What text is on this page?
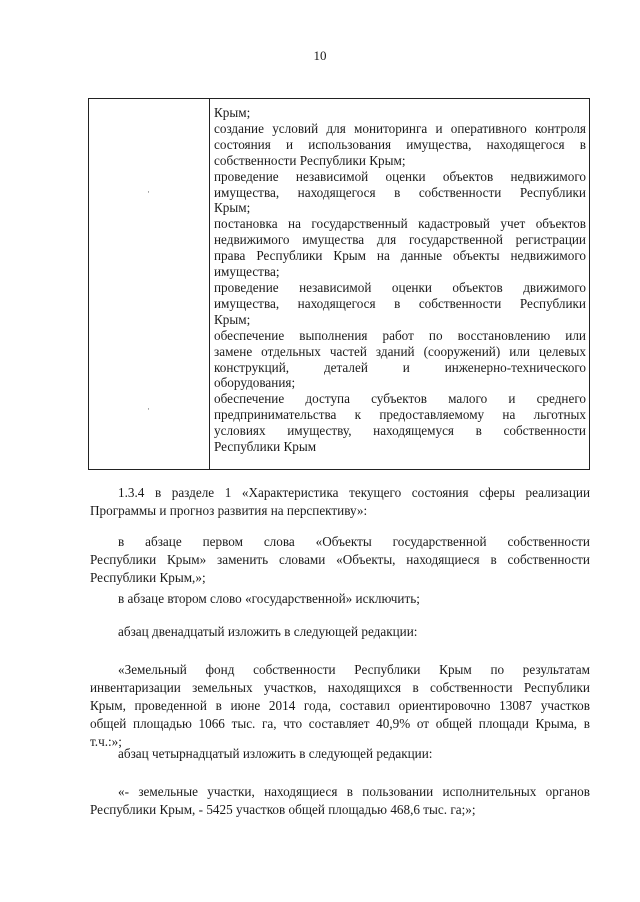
10
·
·
Крым;
создание условий для мониторинга и оперативного контроля
состояния и использования имущества, находящегося в
собственности Республики Крым;
проведение независимой оценки объектов недвижимого
имущества, находящегося в собственности Республики
Крым;
постановка на государственный кадастровый учет объектов
недвижимого имущества для государственной регистрации
права Республики Крым на данные объекты недвижимого
имущества;
проведение независимой оценки объектов движимого
имущества, находящегося в собственности Республики
Крым;
обеспечение выполнения работ по восстановлению или
замене отдельных частей зданий (сооружений) или целевых
конструкций, деталей и инженерно-технического
оборудования;
обеспечение доступа субъектов малого и среднего
предпринимательства к предоставляемому на льготных
условиях имуществу, находящемуся в собственности
Республики Крым
1.3.4 в разделе 1 «Характеристика текущего состояния сферы реализации
Программы и прогноз развития на перспективу»:
в абзаце первом слова «Объекты государственной собственности
Республики Крым» заменить словами «Объекты, находящиеся в собственности
Республики Крым,»;
в абзаце втором слово «государственной» исключить;
абзац двенадцатый изложить в следующей редакции:
«Земельный фонд собственности Республики Крым по результатам
инвентаризации земельных участков, находящихся в собственности Республики
Крым, проведенной в июне 2014 года, составил ориентировочно 13087 участков
общей площадью 1066 тыс. га, что составляет 40,9% от общей площади Крыма, в
т.ч.:»;
абзац четырнадцатый изложить в следующей редакции:
«- земельные участки, находящиеся в пользовании исполнительных органов
Республики Крым, - 5425 участков общей площадью 468,6 тыс. га;»;
